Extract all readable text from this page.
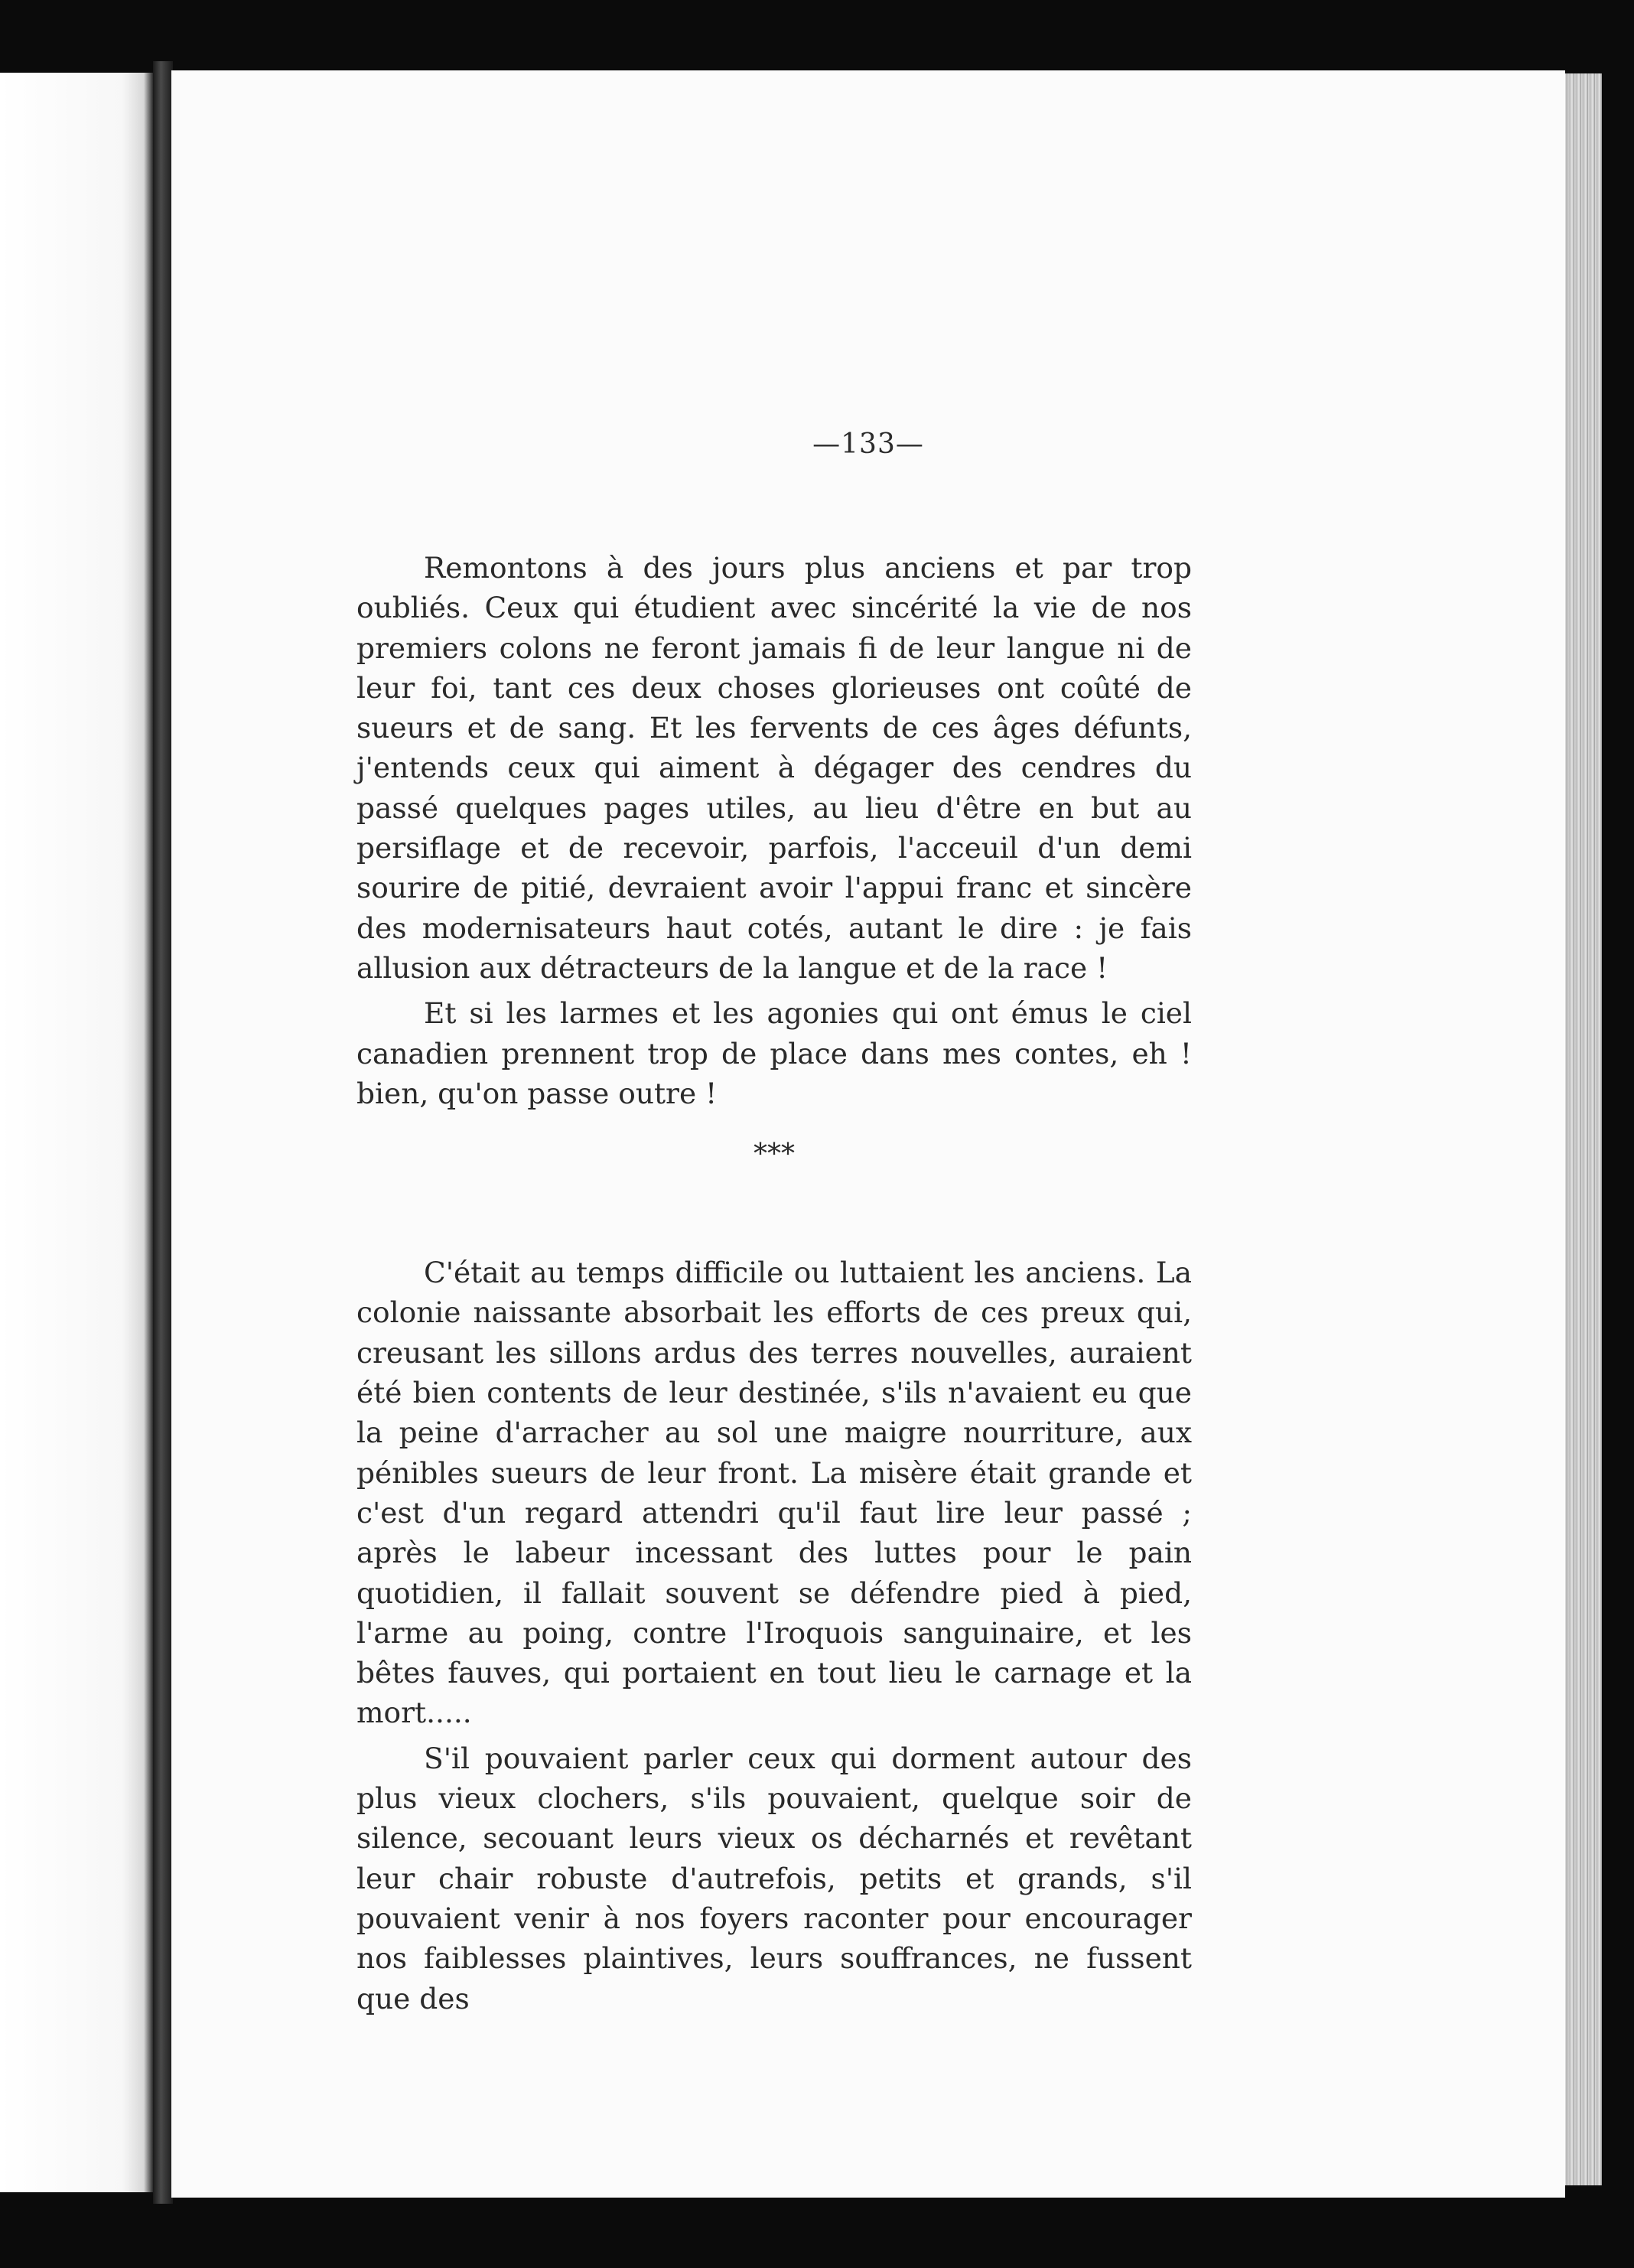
—133—

Remontons à des jours plus anciens et par trop oubliés. Ceux qui étudient avec sincérité la vie de nos premiers colons ne feront jamais fi de leur langue ni de leur foi, tant ces deux choses glorieuses ont coûté de sueurs et de sang. Et les fervents de ces âges défunts, j'entends ceux qui aiment à dégager des cendres du passé quelques pages utiles, au lieu d'être en but au persiflage et de recevoir, parfois, l'acceuil d'un demi sourire de pitié, devraient avoir l'appui franc et sincère des modernisateurs haut cotés, autant le dire : je fais allusion aux détracteurs de la langue et de la race !

Et si les larmes et les agonies qui ont émus le ciel canadien prennent trop de place dans mes contes, eh ! bien, qu'on passe outre !

***

C'était au temps difficile ou luttaient les anciens. La colonie naissante absorbait les efforts de ces preux qui, creusant les sillons ardus des terres nouvelles, auraient été bien contents de leur destinée, s'ils n'avaient eu que la peine d'arracher au sol une maigre nourriture, aux pénibles sueurs de leur front. La misère était grande et c'est d'un regard attendri qu'il faut lire leur passé ; après le labeur incessant des luttes pour le pain quotidien, il fallait souvent se défendre pied à pied, l'arme au poing, contre l'Iroquois sanguinaire, et les bêtes fauves, qui portaient en tout lieu le carnage et la mort.....

S'il pouvaient parler ceux qui dorment autour des plus vieux clochers, s'ils pouvaient, quelque soir de silence, secouant leurs vieux os décharnés et revêtant leur chair robuste d'autrefois, petits et grands, s'il pouvaient venir à nos foyers raconter pour encourager nos faiblesses plaintives, leurs souffrances, ne fussent que des
